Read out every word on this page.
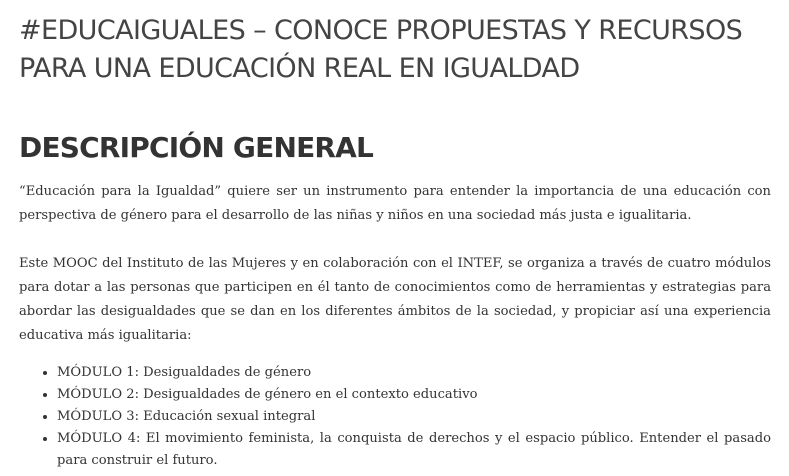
#EDUCAIGUALES – CONOCE PROPUESTAS Y RECURSOS PARA UNA EDUCACIÓN REAL EN IGUALDAD
DESCRIPCIÓN GENERAL

“Educación para la Igualdad” quiere ser un instrumento para entender la importancia de una educación con perspectiva de género para el desarrollo de las niñas y niños en una sociedad más justa e igualitaria.

Este MOOC del Instituto de las Mujeres y en colaboración con el INTEF, se organiza a través de cuatro módulos para dotar a las personas que participen en él tanto de conocimientos como de herramientas y estrategias para abordar las desigualdades que se dan en los diferentes ámbitos de la sociedad, y propiciar así una experiencia educativa más igualitaria:

• MÓDULO 1: Desigualdades de género
• MÓDULO 2: Desigualdades de género en el contexto educativo
• MÓDULO 3: Educación sexual integral
• MÓDULO 4: El movimiento feminista, la conquista de derechos y el espacio público. Entender el pasado para construir el futuro.
